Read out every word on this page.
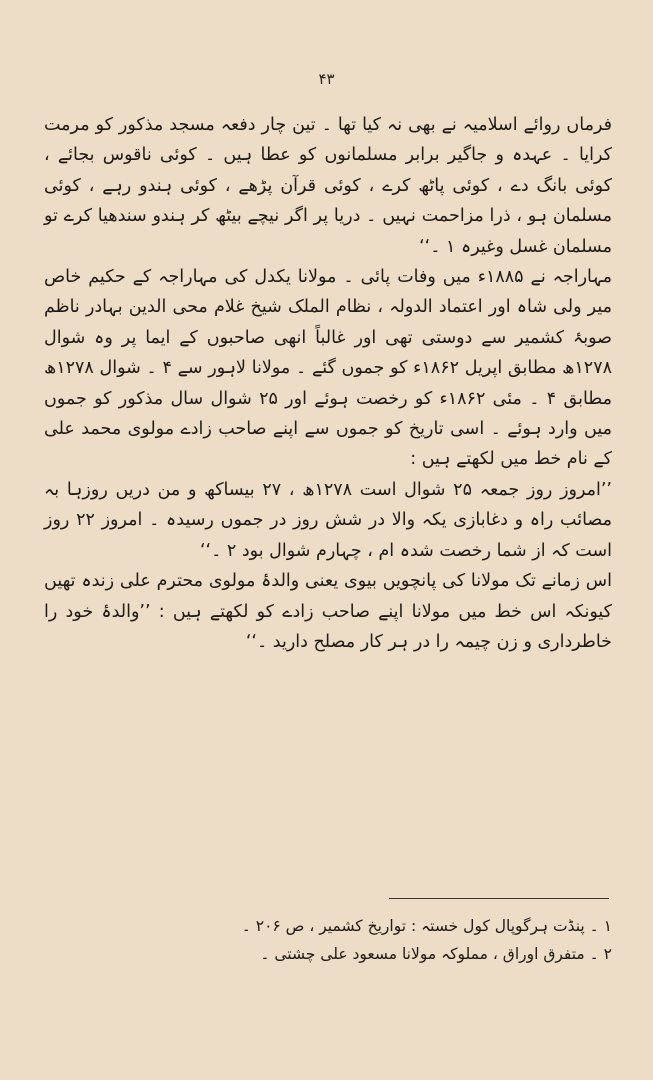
۴۳

فرماں روائے اسلامیہ نے بھی نہ کیا تھا ۔ تین چار دفعہ مسجد مذکور کو مرمت کرایا ۔ عہدہ و جاگیر برابر مسلمانوں کو عطا ہیں ۔ کوئی ناقوس بجائے ، کوئی بانگ دے ، کوئی پاٹھ کرے ، کوئی قرآن پڑھے ، کوئی ہندو رہے ، کوئی مسلمان ہو ، ذرا مزاحمت نہیں ۔ دریا پر اگر نیچے بیٹھ کر ہندو سندھیا کرے تو مسلمان غسل وغیرہ ۱ ۔‘‘

مہاراجہ نے ۱۸۸۵ء میں وفات پائی ۔ مولانا یکدل کی مہاراجہ کے حکیم خاص میر ولی شاہ اور اعتماد الدولہ ، نظام الملک شیخ غلام محی الدین بہادر ناظم صوبۂ کشمیر سے دوستی تھی اور غالباً انھی صاحبوں کے ایما پر وہ شوال ۱۲۷۸ھ مطابق اپریل ۱۸۶۲ء کو جموں گئے ۔ مولانا لاہور سے ۴ ۔ شوال ۱۲۷۸ھ مطابق ۴ ۔ مئی ۱۸۶۲ء کو رخصت ہوئے اور ۲۵ شوال سال مذکور کو جموں میں وارد ہوئے ۔ اسی تاریخ کو جموں سے اپنے صاحب زادے مولوی محمد علی کے نام خط میں لکھتے ہیں :

’’امروز روز جمعہ ۲۵ شوال است ۱۲۷۸ھ ، ۲۷ بیساکھ و من دریں روزہا بہ مصائب راہ و دغابازی یکہ والا در شش روز در جموں رسیدہ ۔ امروز ۲۲ روز است کہ از شما رخصت شدہ ام ، چہارم شوال بود ۲ ۔‘‘

اس زمانے تک مولانا کی پانچویں بیوی یعنی والدۂ مولوی محترم علی زندہ تھیں کیونکہ اس خط میں مولانا اپنے صاحب زادے کو لکھتے ہیں : ’’والدۂ خود را خاطرداری و زن چیمہ را در ہر کار مصلح دارید ۔‘‘

۱ ۔ پنڈت ہرگوپال کول خستہ : تواریخ کشمیر ، ص ۲۰۶ ۔

۲ ۔ متفرق اوراق ، مملوکہ مولانا مسعود علی چشتی ۔
